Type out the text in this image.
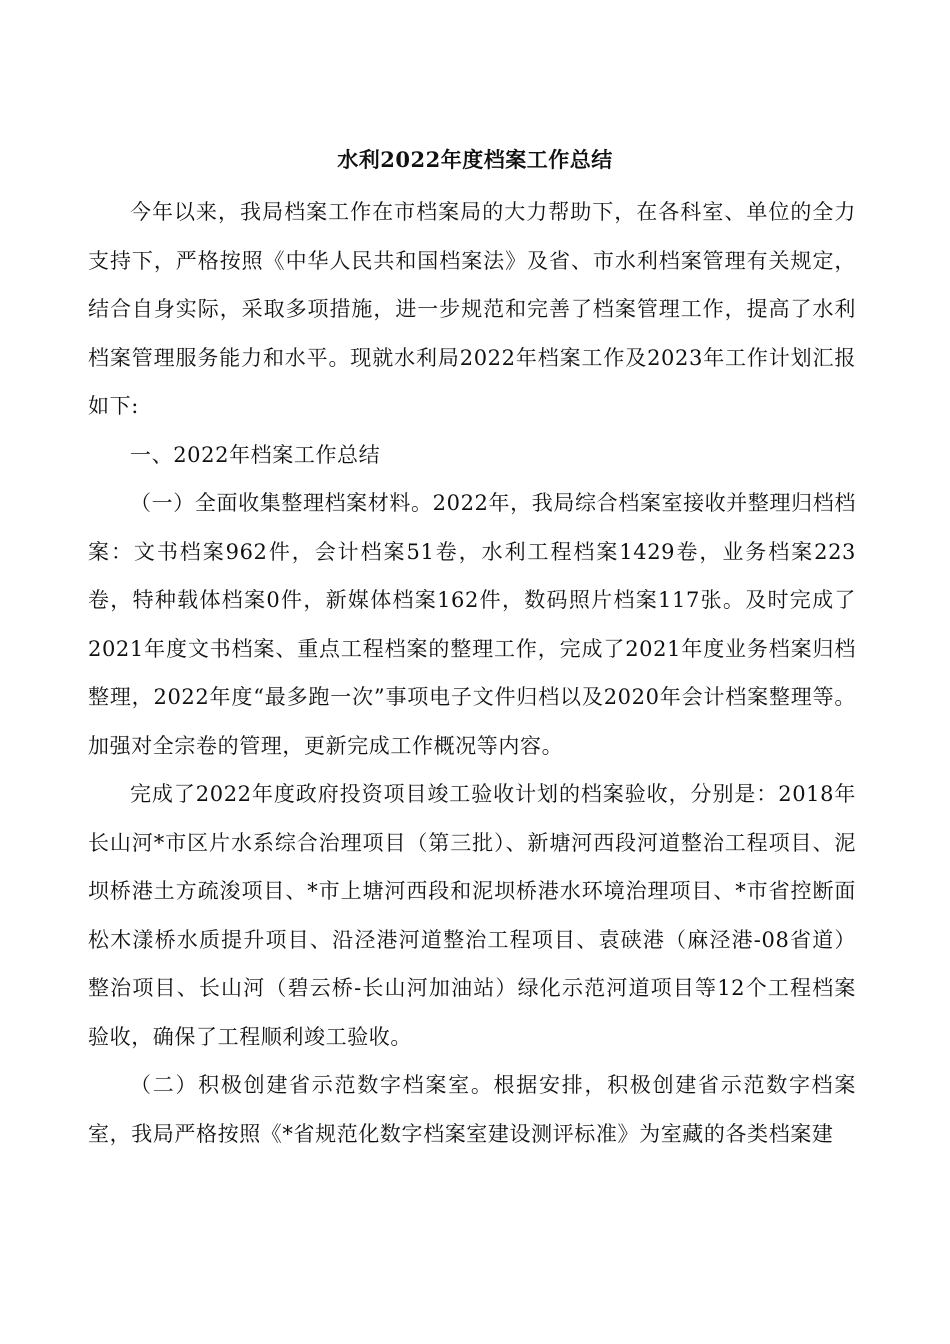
水利2022年度档案工作总结

今年以来，我局档案工作在市档案局的大力帮助下，在各科室、单位的全力支持下，严格按照《中华人民共和国档案法》及省、市水利档案管理有关规定，结合自身实际，采取多项措施，进一步规范和完善了档案管理工作，提高了水利档案管理服务能力和水平。现就水利局2022年档案工作及2023年工作计划汇报如下:

一、2022年档案工作总结

（一）全面收集整理档案材料。2022年，我局综合档案室接收并整理归档档案：文书档案962件，会计档案51卷，水利工程档案1429卷，业务档案223卷，特种载体档案0件，新媒体档案162件，数码照片档案117张。及时完成了2021年度文书档案、重点工程档案的整理工作，完成了2021年度业务档案归档整理，2022年度“最多跑一次”事项电子文件归档以及2020年会计档案整理等。加强对全宗卷的管理，更新完成工作概况等内容。

完成了2022年度政府投资项目竣工验收计划的档案验收，分别是：2018年长山河*市区片水系综合治理项目（第三批）、新塘河西段河道整治工程项目、泥坝桥港土方疏浚项目、*市上塘河西段和泥坝桥港水环境治理项目、*市省控断面松木漾桥水质提升项目、沿泾港河道整治工程项目、袁硖港（麻泾港-08省道）整治项目、长山河（碧云桥-长山河加油站）绿化示范河道项目等12个工程档案验收，确保了工程顺利竣工验收。

（二）积极创建省示范数字档案室。根据安排，积极创建省示范数字档案室，我局严格按照《*省规范化数字档案室建设测评标准》为室藏的各类档案建
